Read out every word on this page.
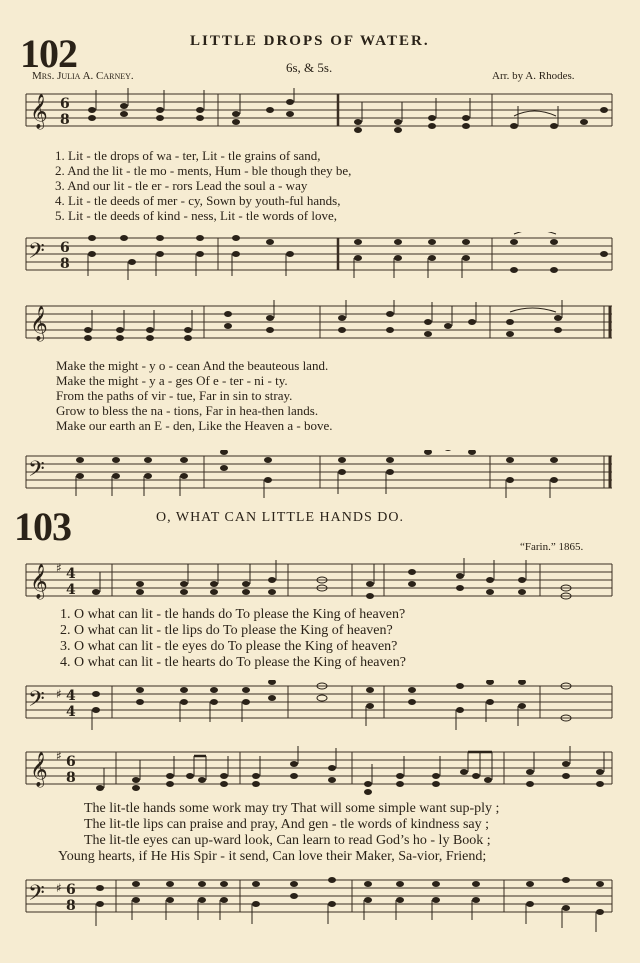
102	LITTLE DROPS OF WATER.
Mrs. Julia A. Carney.
6s, & 5s.
Arr. by A. Rhodes.
𝄞 6
8
1. Lit - tle drops of wa - ter, Lit - tle grains of sand,
2. And the lit - tle mo - ments, Hum - ble though they be,
3. And our lit - tle er - rors Lead the soul a - way
4. Lit - tle deeds of mer - cy, Sown by youth-ful hands,
5. Lit - tle deeds of kind - ness, Lit - tle words of love,
𝄢 6
8
𝄞
Make the might - y o - cean And the beauteous land.
Make the might - y a - ges Of e - ter - ni - ty.
From the paths of vir - tue, Far in sin to stray.
Grow to bless the na - tions, Far in hea-then lands.
Make our earth an E - den, Like the Heaven a - bove.
𝄢
103	O, WHAT CAN LITTLE HANDS DO.
“Farin.” 1865.
𝄞 ♯ 4
4
1. O what can lit - tle hands do To please the King of heaven?
2. O what can lit - tle lips do To please the King of heaven?
3. O what can lit - tle eyes do To please the King of heaven?
4. O what can lit - tle hearts do To please the King of heaven?
𝄢 ♯ 4
4
𝄞 ♯ 6
8
The lit-tle hands some work may try That will some simple want sup-ply ;
The lit-tle lips can praise and pray, And gen - tle words of kindness say ;
The lit-tle eyes can up-ward look, Can learn to read God’s ho - ly Book ;
Young hearts, if He His Spir - it send, Can love their Maker, Sa-vior, Friend;
𝄢 ♯ 6
8
